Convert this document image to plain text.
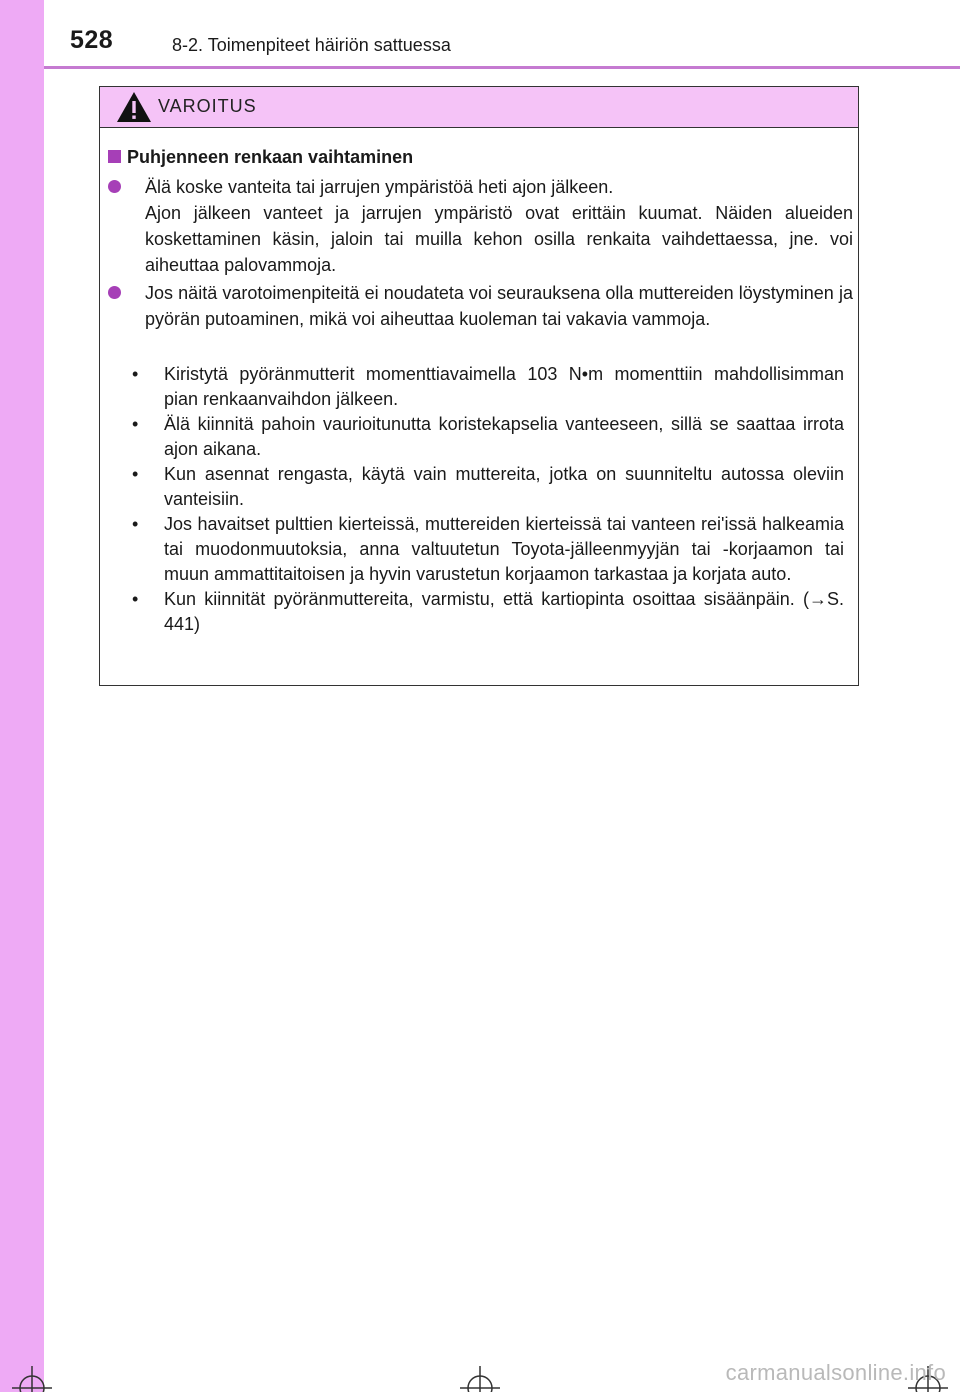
528	8-2. Toimenpiteet häiriön sattuessa
VAROITUS
Puhjenneen renkaan vaihtaminen
Älä koske vanteita tai jarrujen ympäristöä heti ajon jälkeen.
Ajon jälkeen vanteet ja jarrujen ympäristö ovat erittäin kuumat. Näiden alueiden koskettaminen käsin, jaloin tai muilla kehon osilla renkaita vaihdettaessa, jne. voi aiheuttaa palovammoja.
Jos näitä varotoimenpiteitä ei noudateta voi seurauksena olla muttereiden löystyminen ja pyörän putoaminen, mikä voi aiheuttaa kuoleman tai vakavia vammoja.
• Kiristytä pyöränmutterit momenttiavaimella 103 N•m momenttiin mahdollisimman pian renkaanvaihdon jälkeen.
• Älä kiinnitä pahoin vaurioitunutta koristekapselia vanteeseen, sillä se saattaa irrota ajon aikana.
• Kun asennat rengasta, käytä vain muttereita, jotka on suunniteltu autossa oleviin vanteisiin.
• Jos havaitset pulttien kierteissä, muttereiden kierteissä tai vanteen rei'issä halkeamia tai muodonmuutoksia, anna valtuutetun Toyota-jälleenmyyjän tai -korjaamon tai muun ammattitaitoisen ja hyvin varustetun korjaamon tarkastaa ja korjata auto.
• Kun kiinnität pyöränmuttereita, varmistu, että kartiopinta osoittaa sisäänpäin. (→S. 441)
carmanualsonline.info
